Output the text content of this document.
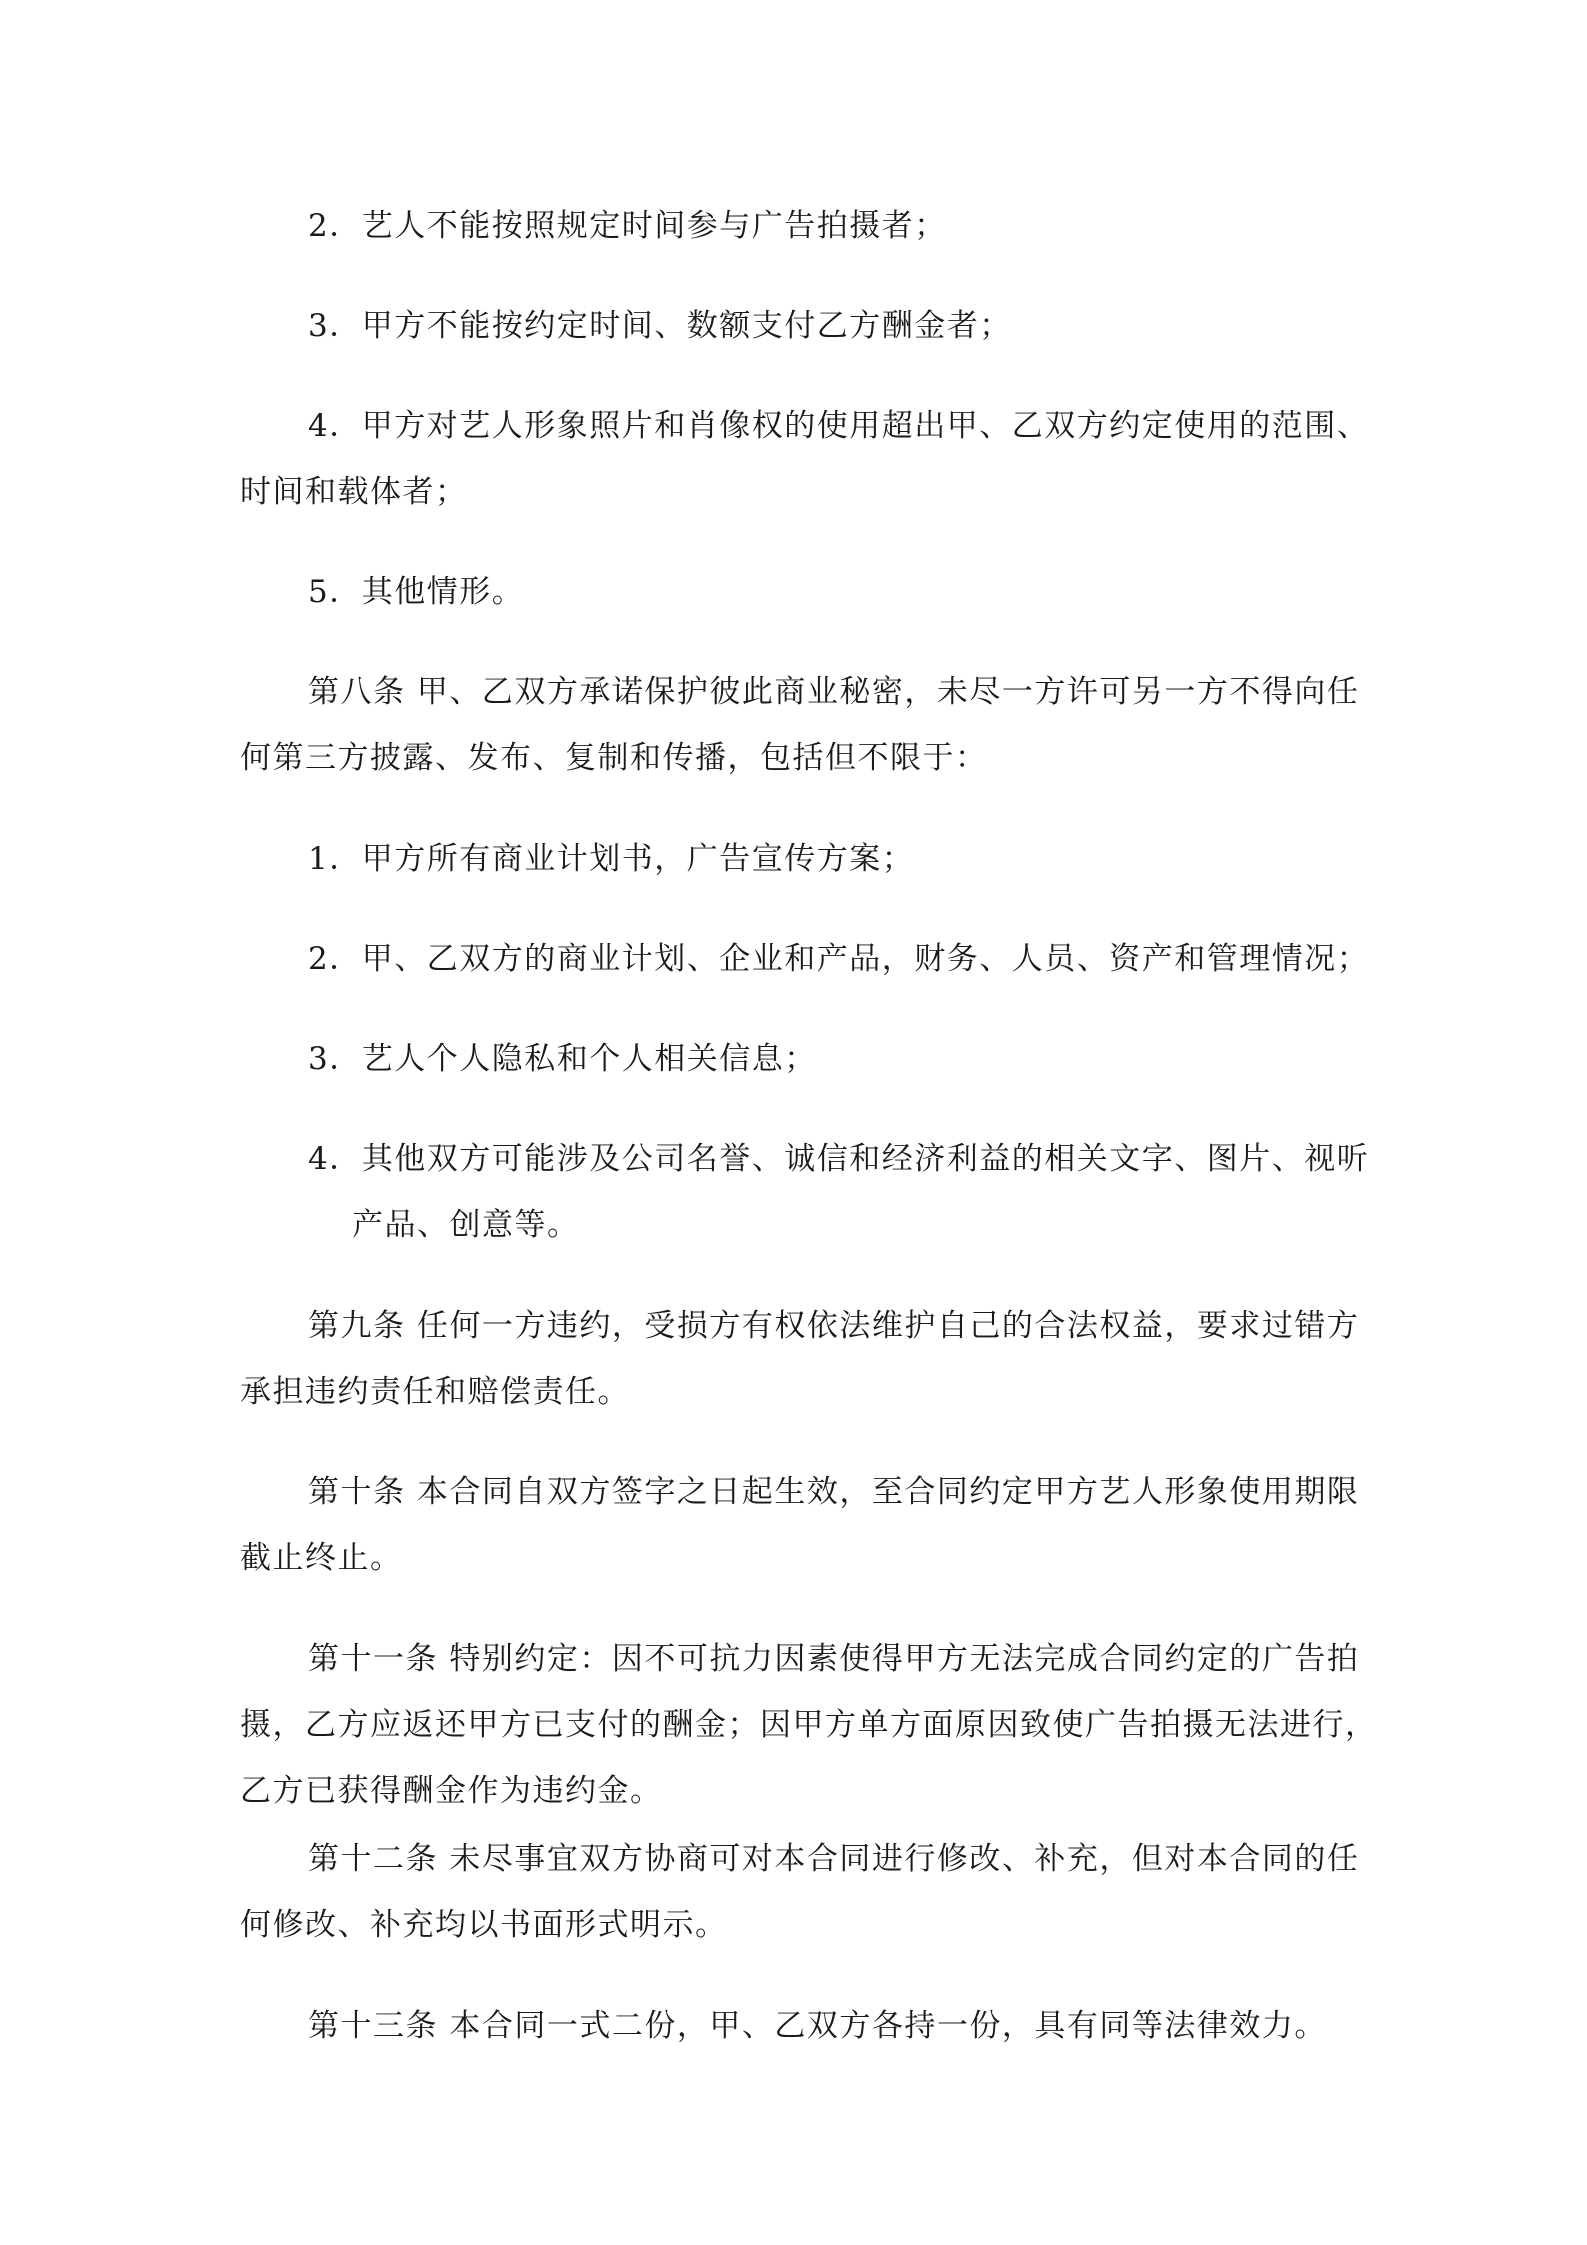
2．艺人不能按照规定时间参与广告拍摄者；

3．甲方不能按约定时间、数额支付乙方酬金者；

4．甲方对艺人形象照片和肖像权的使用超出甲、乙双方约定使用的范围、
时间和载体者；

5．其他情形。

第八条 甲、乙双方承诺保护彼此商业秘密，未尽一方许可另一方不得向任
何第三方披露、发布、复制和传播，包括但不限于：

1．甲方所有商业计划书，广告宣传方案；

2．甲、乙双方的商业计划、企业和产品，财务、人员、资产和管理情况；

3．艺人个人隐私和个人相关信息；

4．其他双方可能涉及公司名誉、诚信和经济利益的相关文字、图片、视听
产品、创意等。

第九条 任何一方违约，受损方有权依法维护自己的合法权益，要求过错方
承担违约责任和赔偿责任。

第十条 本合同自双方签字之日起生效，至合同约定甲方艺人形象使用期限
截止终止。

第十一条 特别约定：因不可抗力因素使得甲方无法完成合同约定的广告拍
摄，乙方应返还甲方已支付的酬金；因甲方单方面原因致使广告拍摄无法进行，
乙方已获得酬金作为违约金。

第十二条 未尽事宜双方协商可对本合同进行修改、补充，但对本合同的任
何修改、补充均以书面形式明示。

第十三条 本合同一式二份，甲、乙双方各持一份，具有同等法律效力。
